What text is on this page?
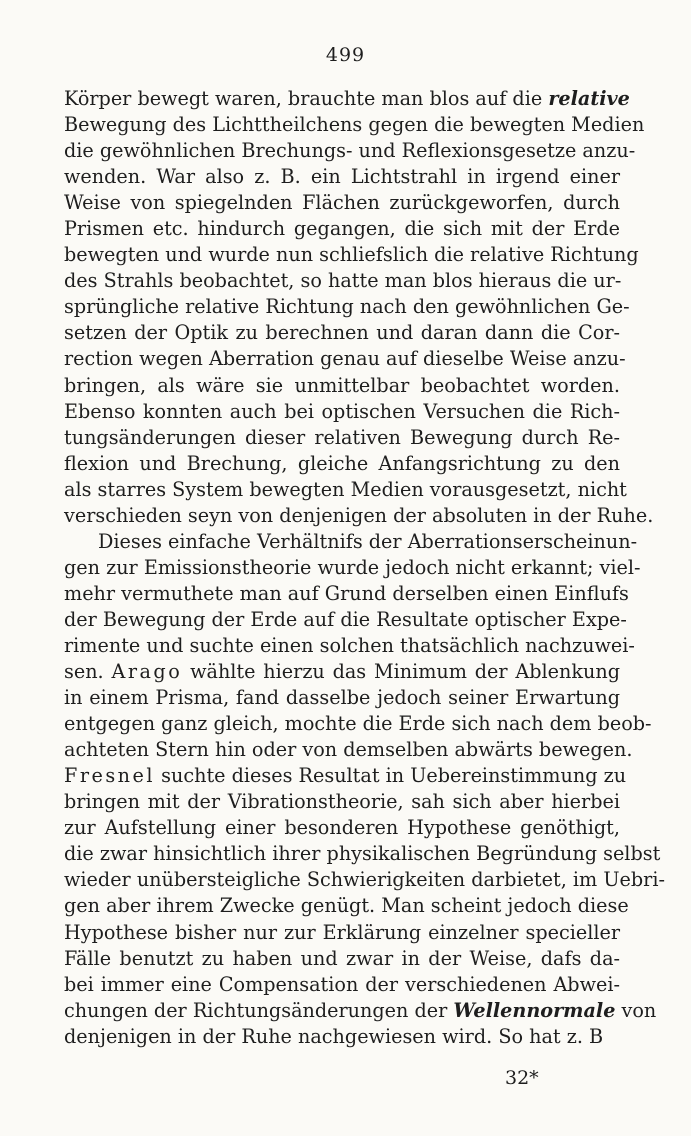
499
Körper bewegt waren, brauchte man blos auf die relative
Bewegung des Lichttheilchens gegen die bewegten Medien
die gewöhnlichen Brechungs- und Reflexionsgesetze anzu-
wenden. War also z. B. ein Lichtstrahl in irgend einer
Weise von spiegelnden Flächen zurückgeworfen, durch
Prismen etc. hindurch gegangen, die sich mit der Erde
bewegten und wurde nun schliefslich die relative Richtung
des Strahls beobachtet, so hatte man blos hieraus die ur-
sprüngliche relative Richtung nach den gewöhnlichen Ge-
setzen der Optik zu berechnen und daran dann die Cor-
rection wegen Aberration genau auf dieselbe Weise anzu-
bringen, als wäre sie unmittelbar beobachtet worden.
Ebenso konnten auch bei optischen Versuchen die Rich-
tungsänderungen dieser relativen Bewegung durch Re-
flexion und Brechung, gleiche Anfangsrichtung zu den
als starres System bewegten Medien vorausgesetzt, nicht
verschieden seyn von denjenigen der absoluten in der Ruhe.
Dieses einfache Verhältnifs der Aberrationserscheinun-
gen zur Emissionstheorie wurde jedoch nicht erkannt; viel-
mehr vermuthete man auf Grund derselben einen Einflufs
der Bewegung der Erde auf die Resultate optischer Expe-
rimente und suchte einen solchen thatsächlich nachzuwei-
sen. Arago wählte hierzu das Minimum der Ablenkung
in einem Prisma, fand dasselbe jedoch seiner Erwartung
entgegen ganz gleich, mochte die Erde sich nach dem beob-
achteten Stern hin oder von demselben abwärts bewegen.
Fresnel suchte dieses Resultat in Uebereinstimmung zu
bringen mit der Vibrationstheorie, sah sich aber hierbei
zur Aufstellung einer besonderen Hypothese genöthigt,
die zwar hinsichtlich ihrer physikalischen Begründung selbst
wieder unübersteigliche Schwierigkeiten darbietet, im Uebri-
gen aber ihrem Zwecke genügt. Man scheint jedoch diese
Hypothese bisher nur zur Erklärung einzelner specieller
Fälle benutzt zu haben und zwar in der Weise, dafs da-
bei immer eine Compensation der verschiedenen Abwei-
chungen der Richtungsänderungen der Wellennormale von
denjenigen in der Ruhe nachgewiesen wird. So hat z. B
32*
